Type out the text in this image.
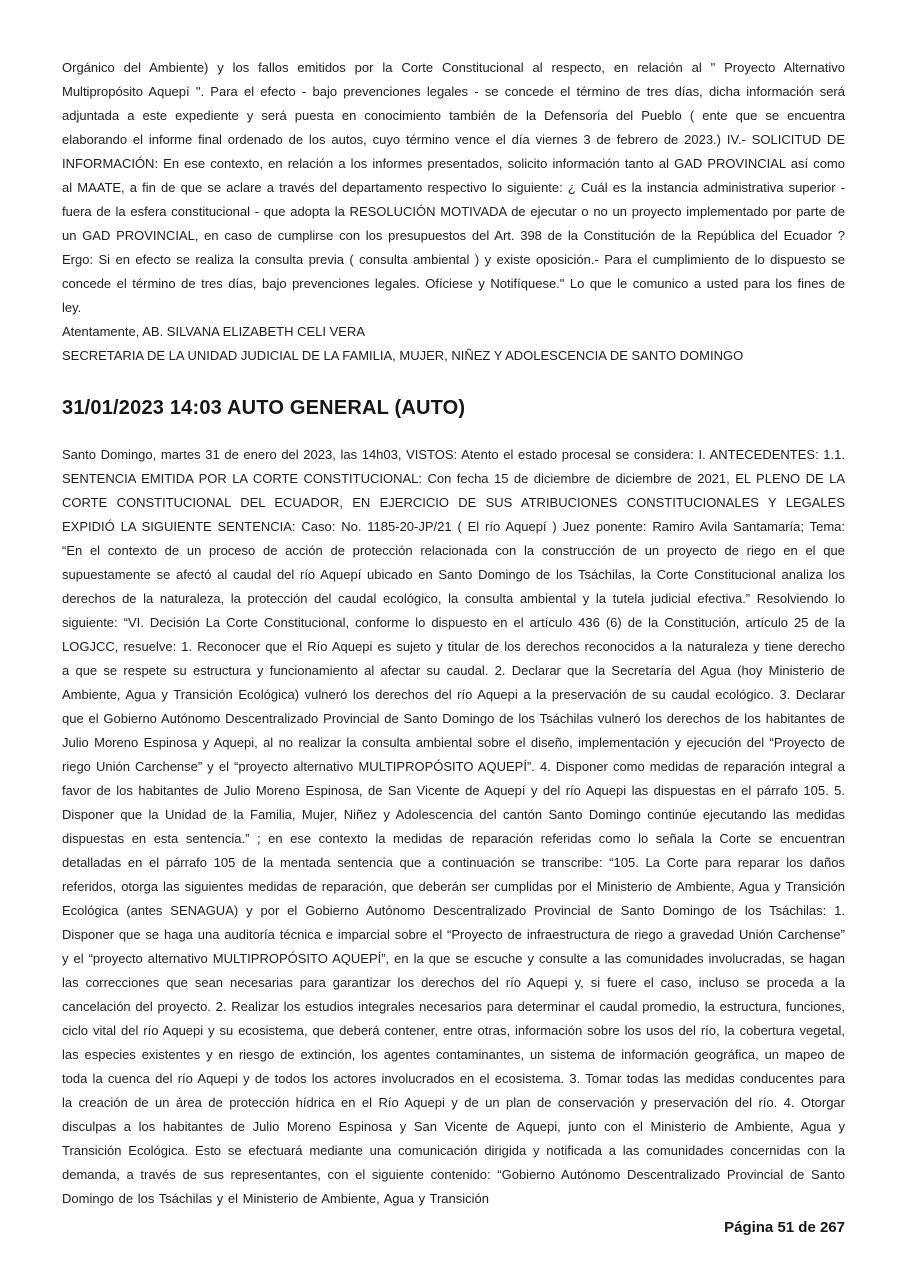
Orgánico del Ambiente) y los fallos emitidos por la Corte Constitucional al respecto, en relación al " Proyecto Alternativo Multipropósito Aquepí ". Para el efecto - bajo prevenciones legales - se concede el término de tres días, dicha información será adjuntada a este expediente y será puesta en conocimiento también de la Defensoría del Pueblo ( ente que se encuentra elaborando el informe final ordenado de los autos, cuyo término vence el día viernes 3 de febrero de 2023.) IV.- SOLICITUD DE INFORMACIÓN: En ese contexto, en relación a los informes presentados, solicito información tanto al GAD PROVINCIAL así como al MAATE, a fin de que se aclare a través del departamento respectivo lo siguiente: ¿ Cuál es la instancia administrativa superior - fuera de la esfera constitucional - que adopta la RESOLUCIÓN MOTIVADA de ejecutar o no un proyecto implementado por parte de un GAD PROVINCIAL, en caso de cumplirse con los presupuestos del Art. 398 de la Constitución de la República del Ecuador ? Ergo: Si en efecto se realiza la consulta previa ( consulta ambiental ) y existe oposición.- Para el cumplimiento de lo dispuesto se concede el término de tres días, bajo prevenciones legales. Ofíciese y Notifíquese." Lo que le comunico a usted para los fines de ley.

Atentamente, AB. SILVANA ELIZABETH CELI VERA
SECRETARIA DE LA UNIDAD JUDICIAL DE LA FAMILIA, MUJER, NIÑEZ Y ADOLESCENCIA DE SANTO DOMINGO
31/01/2023 14:03 AUTO GENERAL (AUTO)

Santo Domingo, martes 31 de enero del 2023, las 14h03, VISTOS: Atento el estado procesal se considera: I. ANTECEDENTES: 1.1. SENTENCIA EMITIDA POR LA CORTE CONSTITUCIONAL: Con fecha 15 de diciembre de diciembre de 2021, EL PLENO DE LA CORTE CONSTITUCIONAL DEL ECUADOR, EN EJERCICIO DE SUS ATRIBUCIONES CONSTITUCIONALES Y LEGALES EXPIDIÓ LA SIGUIENTE SENTENCIA: Caso: No. 1185-20-JP/21 ( El río Aquepí ) Juez ponente: Ramiro Avila Santamaría; Tema: “En el contexto de un proceso de acción de protección relacionada con la construcción de un proyecto de riego en el que supuestamente se afectó al caudal del río Aquepí ubicado en Santo Domingo de los Tsáchilas, la Corte Constitucional analiza los derechos de la naturaleza, la protección del caudal ecológico, la consulta ambiental y la tutela judicial efectiva.” Resolviendo lo siguiente: “VI. Decisión La Corte Constitucional, conforme lo dispuesto en el artículo 436 (6) de la Constitución, artículo 25 de la LOGJCC, resuelve: 1. Reconocer que el Río Aquepi es sujeto y titular de los derechos reconocidos a la naturaleza y tiene derecho a que se respete su estructura y funcionamiento al afectar su caudal. 2. Declarar que la Secretaría del Agua (hoy Ministerio de Ambiente, Agua y Transición Ecológica) vulneró los derechos del río Aquepi a la preservación de su caudal ecológico. 3. Declarar que el Gobierno Autónomo Descentralizado Provincial de Santo Domingo de los Tsáchilas vulneró los derechos de los habitantes de Julio Moreno Espinosa y Aquepi, al no realizar la consulta ambiental sobre el diseño, implementación y ejecución del “Proyecto de riego Unión Carchense” y el “proyecto alternativo MULTIPROPÓSITO AQUEPÍ”. 4. Disponer como medidas de reparación integral a favor de los habitantes de Julio Moreno Espinosa, de San Vicente de Aquepí y del río Aquepi las dispuestas en el párrafo 105. 5. Disponer que la Unidad de la Familia, Mujer, Niñez y Adolescencia del cantón Santo Domingo continúe ejecutando las medidas dispuestas en esta sentencia.” ; en ese contexto la medidas de reparación referidas como lo señala la Corte se encuentran detalladas en el párrafo 105 de la mentada sentencia que a continuación se transcribe: “105. La Corte para reparar los daños referidos, otorga las siguientes medidas de reparación, que deberán ser cumplidas por el Ministerio de Ambiente, Agua y Transición Ecológica (antes SENAGUA) y por el Gobierno Autónomo Descentralizado Provincial de Santo Domingo de los Tsáchilas: 1. Disponer que se haga una auditoría técnica e imparcial sobre el “Proyecto de infraestructura de riego a gravedad Unión Carchense” y el “proyecto alternativo MULTIPROPÓSITO AQUEPÍ”, en la que se escuche y consulte a las comunidades involucradas, se hagan las correcciones que sean necesarias para garantizar los derechos del río Aquepi y, si fuere el caso, incluso se proceda a la cancelación del proyecto. 2. Realizar los estudios integrales necesarios para determinar el caudal promedio, la estructura, funciones, ciclo vital del río Aquepi y su ecosistema, que deberá contener, entre otras, información sobre los usos del río, la cobertura vegetal, las especies existentes y en riesgo de extinción, los agentes contaminantes, un sistema de información geográfica, un mapeo de toda la cuenca del río Aquepi y de todos los actores involucrados en el ecosistema. 3. Tomar todas las medidas conducentes para la creación de un área de protección hídrica en el Río Aquepi y de un plan de conservación y preservación del río. 4. Otorgar disculpas a los habitantes de Julio Moreno Espinosa y San Vicente de Aquepi, junto con el Ministerio de Ambiente, Agua y Transición Ecológica. Esto se efectuará mediante una comunicación dirigida y notificada a las comunidades concernidas con la demanda, a través de sus representantes, con el siguiente contenido: “Gobierno Autónomo Descentralizado Provincial de Santo Domingo de los Tsáchilas y el Ministerio de Ambiente, Agua y Transición

Página 51 de 267
